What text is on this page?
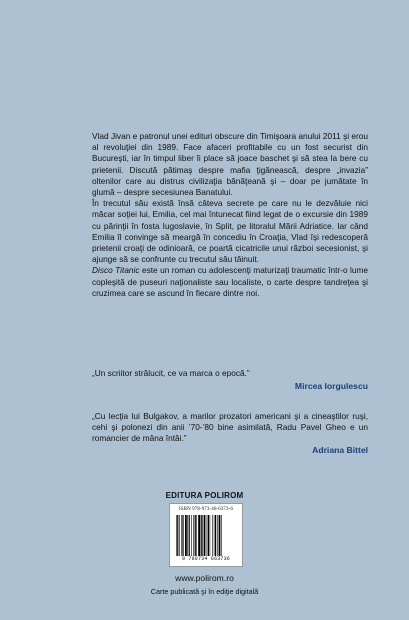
Vlad Jivan e patronul unei edituri obscure din Timişoara anului 2011 şi erou al revoluţiei din 1989. Face afaceri profitabile cu un fost securist din Bucureşti, iar în timpul liber îi place să joace baschet şi să stea la bere cu prietenii. Discută pătimaş despre mafia ţigănească, despre „invazia” oltenilor care au distrus civilizaţia bănăţeană şi – doar pe jumătate în glumă – despre secesiunea Banatului.

În trecutul său există însă câteva secrete pe care nu le dezvăluie nici măcar soţiei lui, Emilia, cel mai întunecat fiind legat de o excursie din 1989 cu părinţii în fosta Iugoslavie, în Split, pe litoralul Mării Adriatice. Iar când Emilia îl convinge să meargă în concediu în Croaţia, Vlad îşi redescoperă prietenii croaţi de odinioară, ce poartă cicatricile unui război secesionist, şi ajunge să se confrunte cu trecutul său tăinuit.

Disco Titanic este un roman cu adolescenţi maturizaţi traumatic într-o lume copleşită de puseuri naţionaliste sau localiste, o carte despre tandreţea şi cruzimea care se ascund în fiecare dintre noi.

„Un scriitor strălucit, ce va marca o epocă.”
Mircea Iorgulescu
„Cu lecţia lui Bulgakov, a marilor prozatori americani şi a cineaştilor ruşi, cehi şi polonezi din anii ’70-’80 bine asimilată, Radu Pavel Gheo e un romancier de mâna întâi.”
Adriana Bittel
EDITURA POLIROM
ISBN 978-973-46-6373-6
9 789734 663736
www.polirom.ro
Carte publicată şi în ediţie digitală
